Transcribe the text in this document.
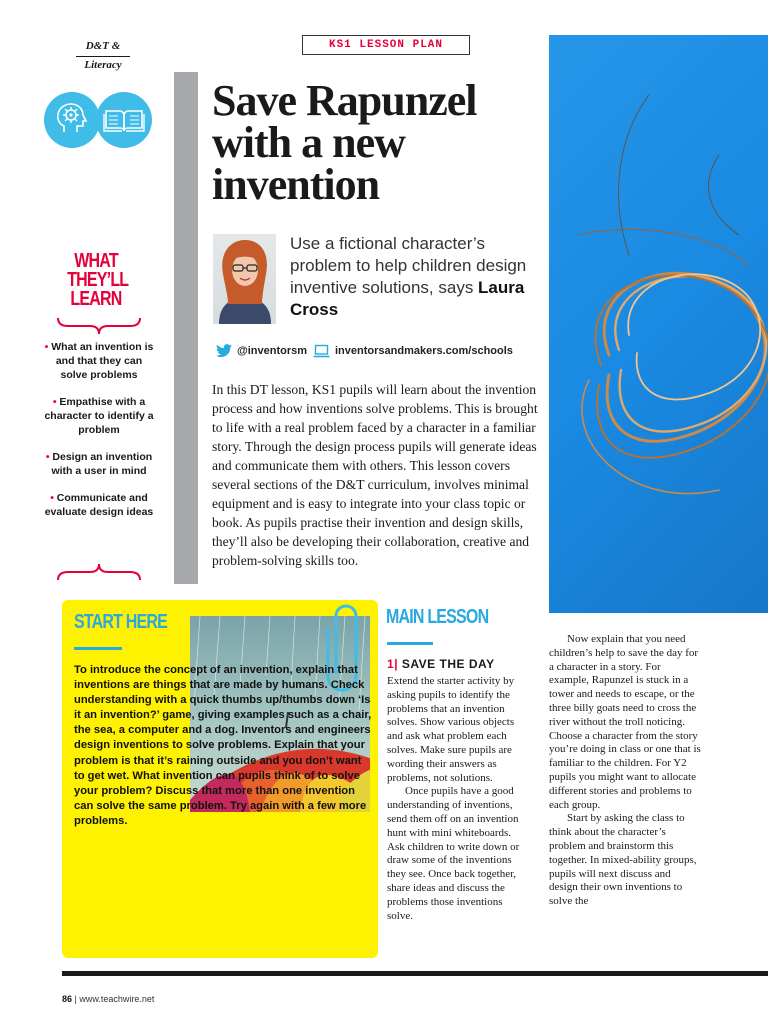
D&T &
Literacy
KS1 LESSON PLAN
Save Rapunzel
with a new
invention
Use a fictional character’s problem to help children design inventive solutions, says Laura Cross
@inventorsm	inventorsandmakers.com/schools
In this DT lesson, KS1 pupils will learn about the invention process and how inventions solve problems. This is brought to life with a real problem faced by a character in a familiar story. Through the design process pupils will generate ideas and communicate them with others. This lesson covers several sections of the D&T curriculum, involves minimal equipment and is easy to integrate into your class topic or book. As pupils practise their invention and design skills, they’ll also be developing their collaboration, creative and problem-solving skills too.
WHAT
THEY’LL
LEARN
• What an invention is and that they can solve problems
• Empathise with a character to identify a problem
• Design an invention with a user in mind
• Communicate and evaluate design ideas
START HERE
To introduce the concept of an invention, explain that inventions are things that are made by humans. Check understanding with a quick thumbs up/thumbs down ‘Is it an invention?’ game, giving examples such as a chair, the sea, a computer and a dog. Inventors and engineers design inventions to solve problems. Explain that your problem is that it’s raining outside and you don’t want to get wet. What invention can pupils think of to solve your problem? Discuss that more than one invention can solve the same problem. Try again with a few more problems.
MAIN LESSON
1| SAVE THE DAY

Extend the starter activity by asking pupils to identify the problems that an invention solves. Show various objects and ask what problem each solves. Make sure pupils are wording their answers as problems, not solutions.

Once pupils have a good understanding of inventions, send them off on an invention hunt with mini whiteboards. Ask children to write down or draw some of the inventions they see. Once back together, share ideas and discuss the problems those inventions solve.

Now explain that you need children’s help to save the day for a character in a story. For example, Rapunzel is stuck in a tower and needs to escape, or the three billy goats need to cross the river without the troll noticing. Choose a character from the story you’re doing in class or one that is familiar to the children. For Y2 pupils you might want to allocate different stories and problems to each group.

Start by asking the class to think about the character’s problem and brainstorm this together. In mixed-ability groups, pupils will next discuss and design their own inventions to solve the

86 | www.teachwire.net
